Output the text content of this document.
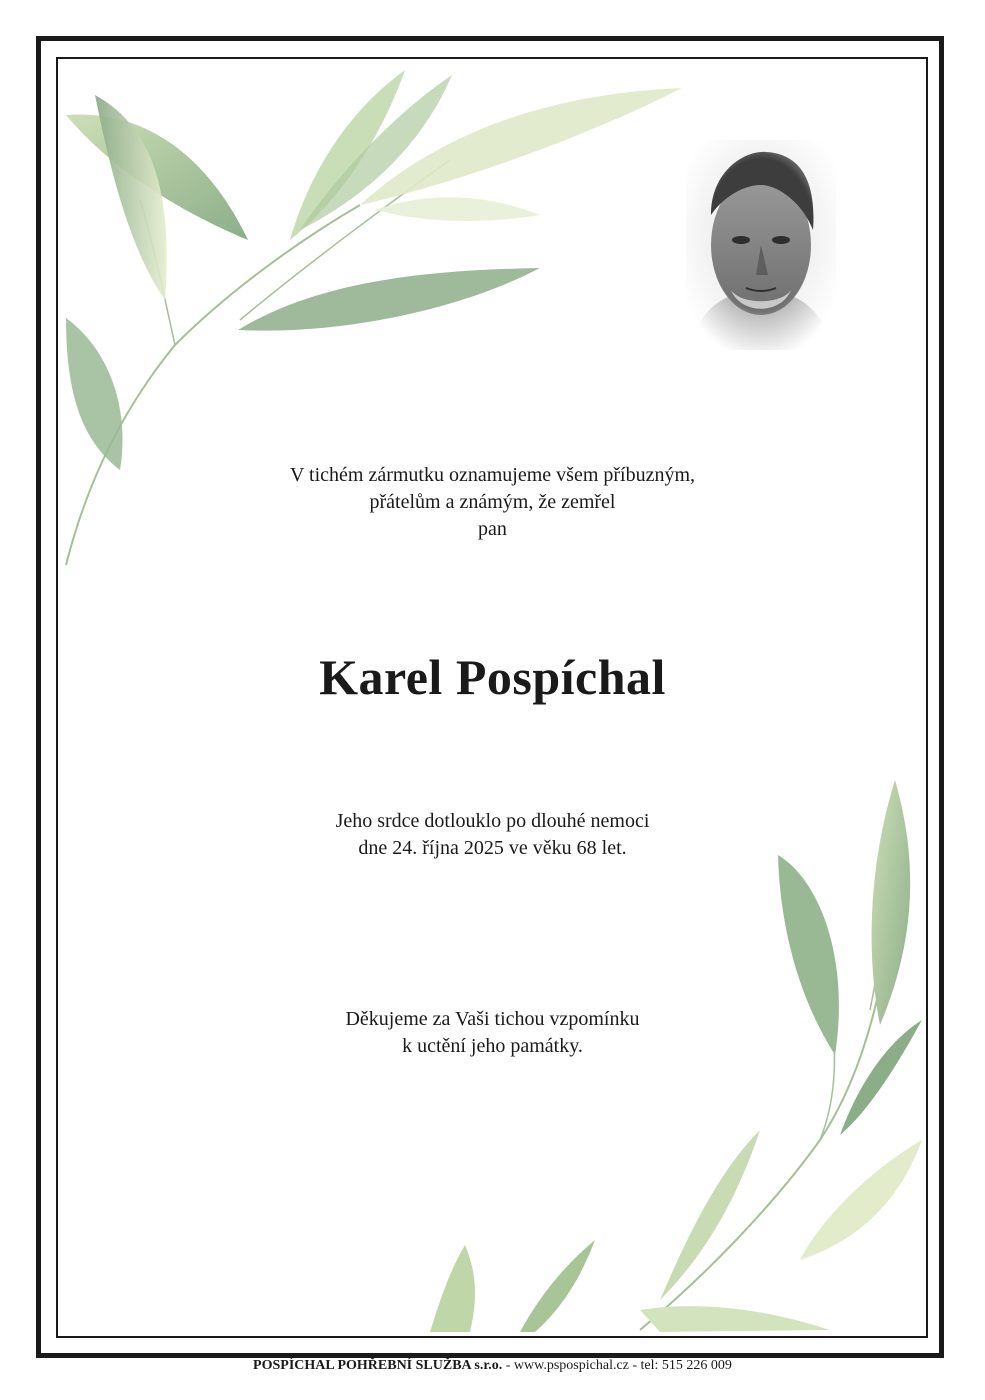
V tichém zármutku oznamujeme všem příbuzným,
přátelům a známým, že zemřel
pan
Karel Pospíchal
Jeho srdce dotlouklo po dlouhé nemoci
dne 24. října 2025 ve věku 68 let.
Děkujeme za Vaši tichou vzpomínku
k uctění jeho památky.
POSPÍCHAL POHŘEBNÍ SLUŽBA s.r.o. - www.pspospichal.cz - tel: 515 226 009
